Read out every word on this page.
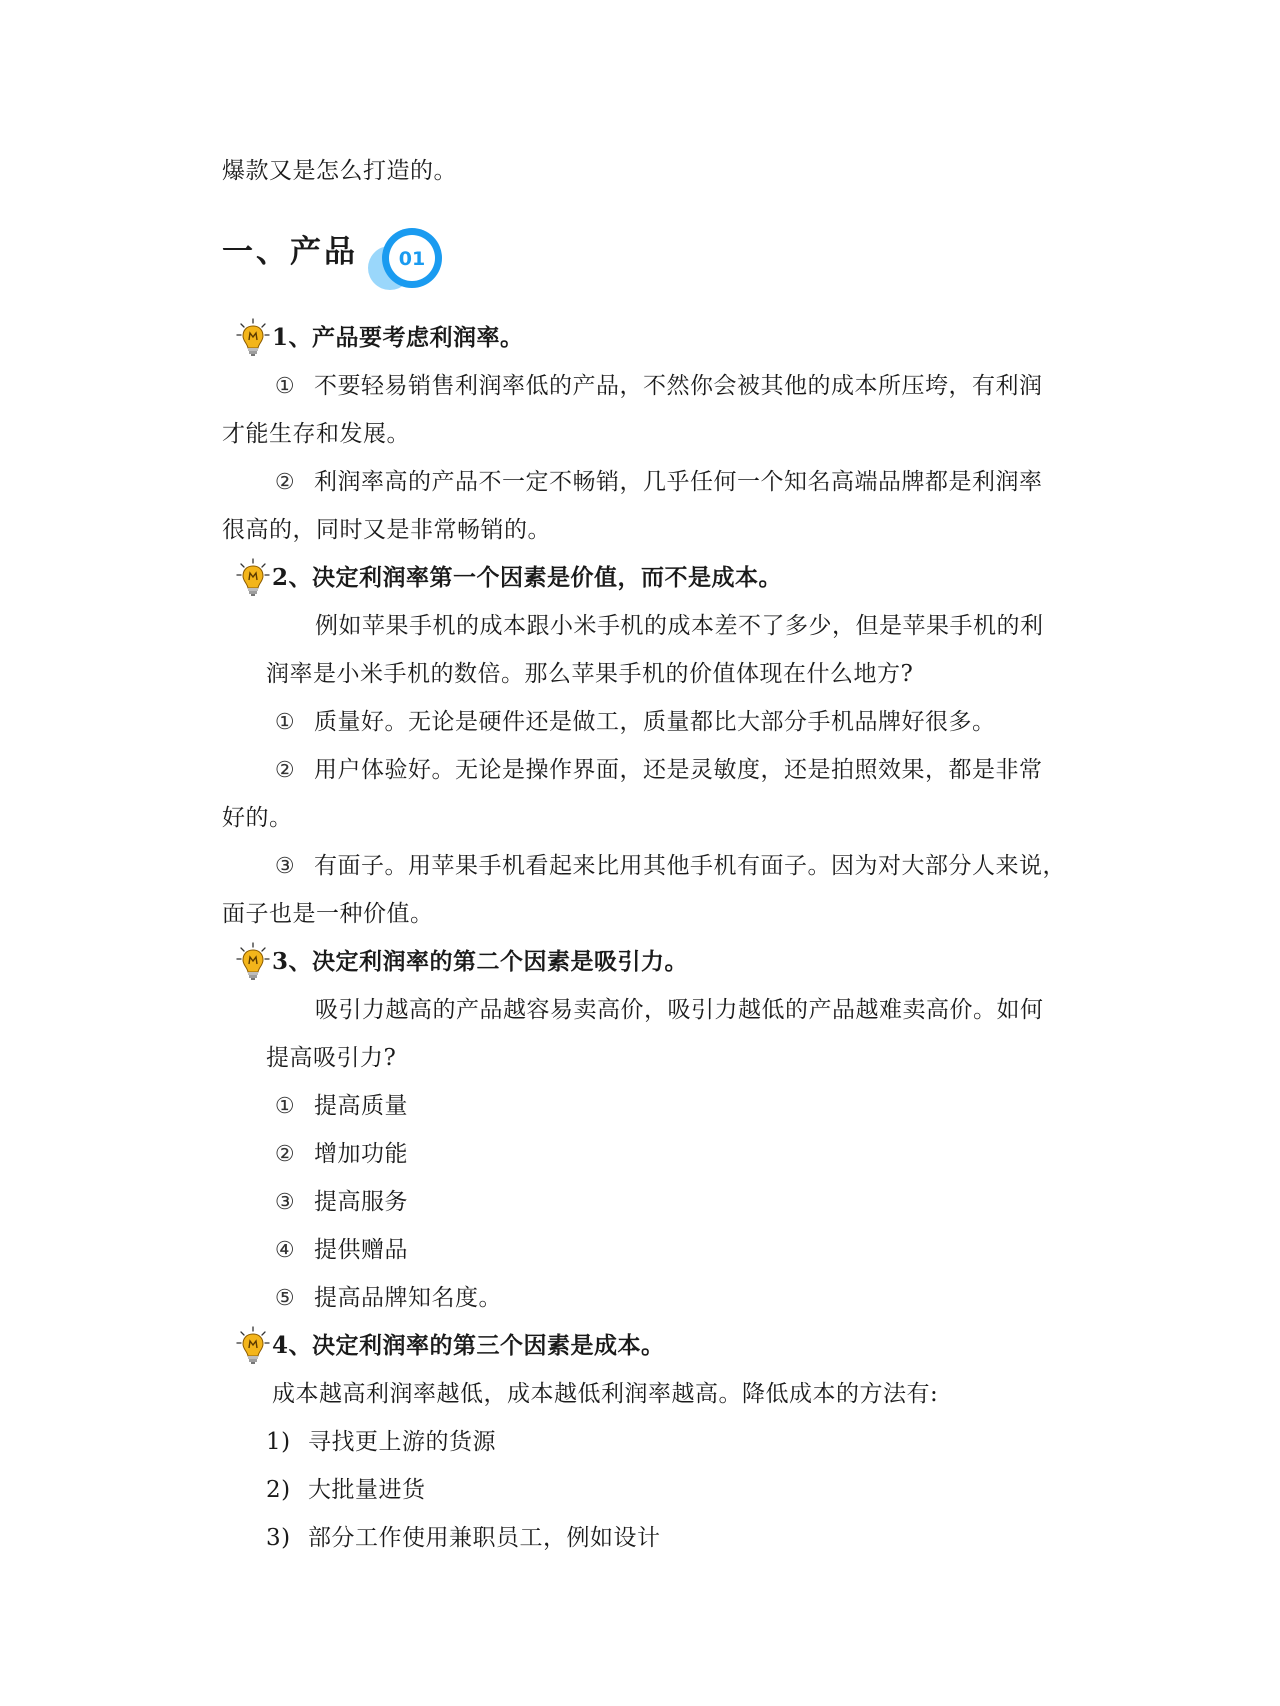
爆款又是怎么打造的。

一、产品 01

1、产品要考虑利润率。

① 不要轻易销售利润率低的产品，不然你会被其他的成本所压垮，有利润

才能生存和发展。

② 利润率高的产品不一定不畅销，几乎任何一个知名高端品牌都是利润率

很高的，同时又是非常畅销的。

2、决定利润率第一个因素是价值，而不是成本。

例如苹果手机的成本跟小米手机的成本差不了多少，但是苹果手机的利

润率是小米手机的数倍。那么苹果手机的价值体现在什么地方?

① 质量好。无论是硬件还是做工，质量都比大部分手机品牌好很多。

② 用户体验好。无论是操作界面，还是灵敏度，还是拍照效果，都是非常

好的。

③ 有面子。用苹果手机看起来比用其他手机有面子。因为对大部分人来说，

面子也是一种价值。

3、决定利润率的第二个因素是吸引力。

吸引力越高的产品越容易卖高价，吸引力越低的产品越难卖高价。如何

提高吸引力?

① 提高质量

② 增加功能

③ 提高服务

④ 提供赠品

⑤ 提高品牌知名度。

4、决定利润率的第三个因素是成本。

成本越高利润率越低，成本越低利润率越高。降低成本的方法有:

1) 寻找更上游的货源

2) 大批量进货

3) 部分工作使用兼职员工，例如设计
